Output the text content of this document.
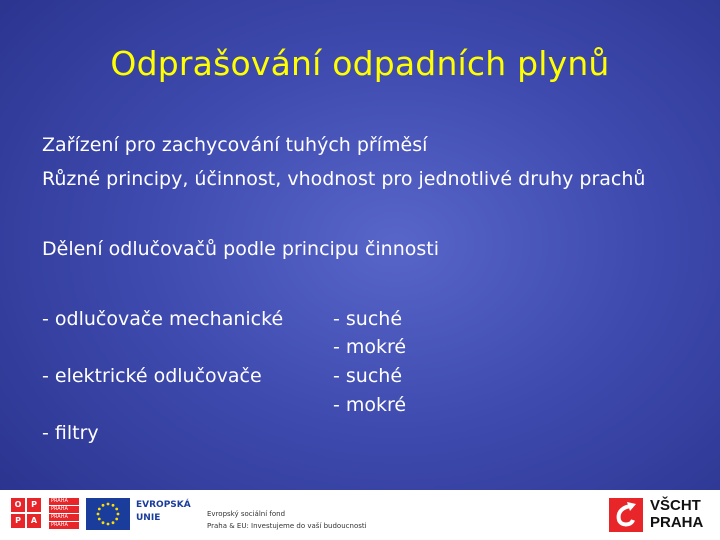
Odprašování odpadních plynů
Zařízení pro zachycování tuhých příměsí
Různé principy, účinnost, vhodnost pro jednotlivé druhy prachů
Dělení odlučovačů podle principu činnosti
- odlučovače mechanické
- elektrické odlučovače
- filtry
- suché
- mokré
- suché
- mokré
O	P
P	A
PRAHA
PRAHA
PRAHA
PRAHA
EVROPSKÁ
UNIE	Evropský sociální fond
Praha & EU: Investujeme do vaší budoucnosti
VŠCHT
PRAHA
